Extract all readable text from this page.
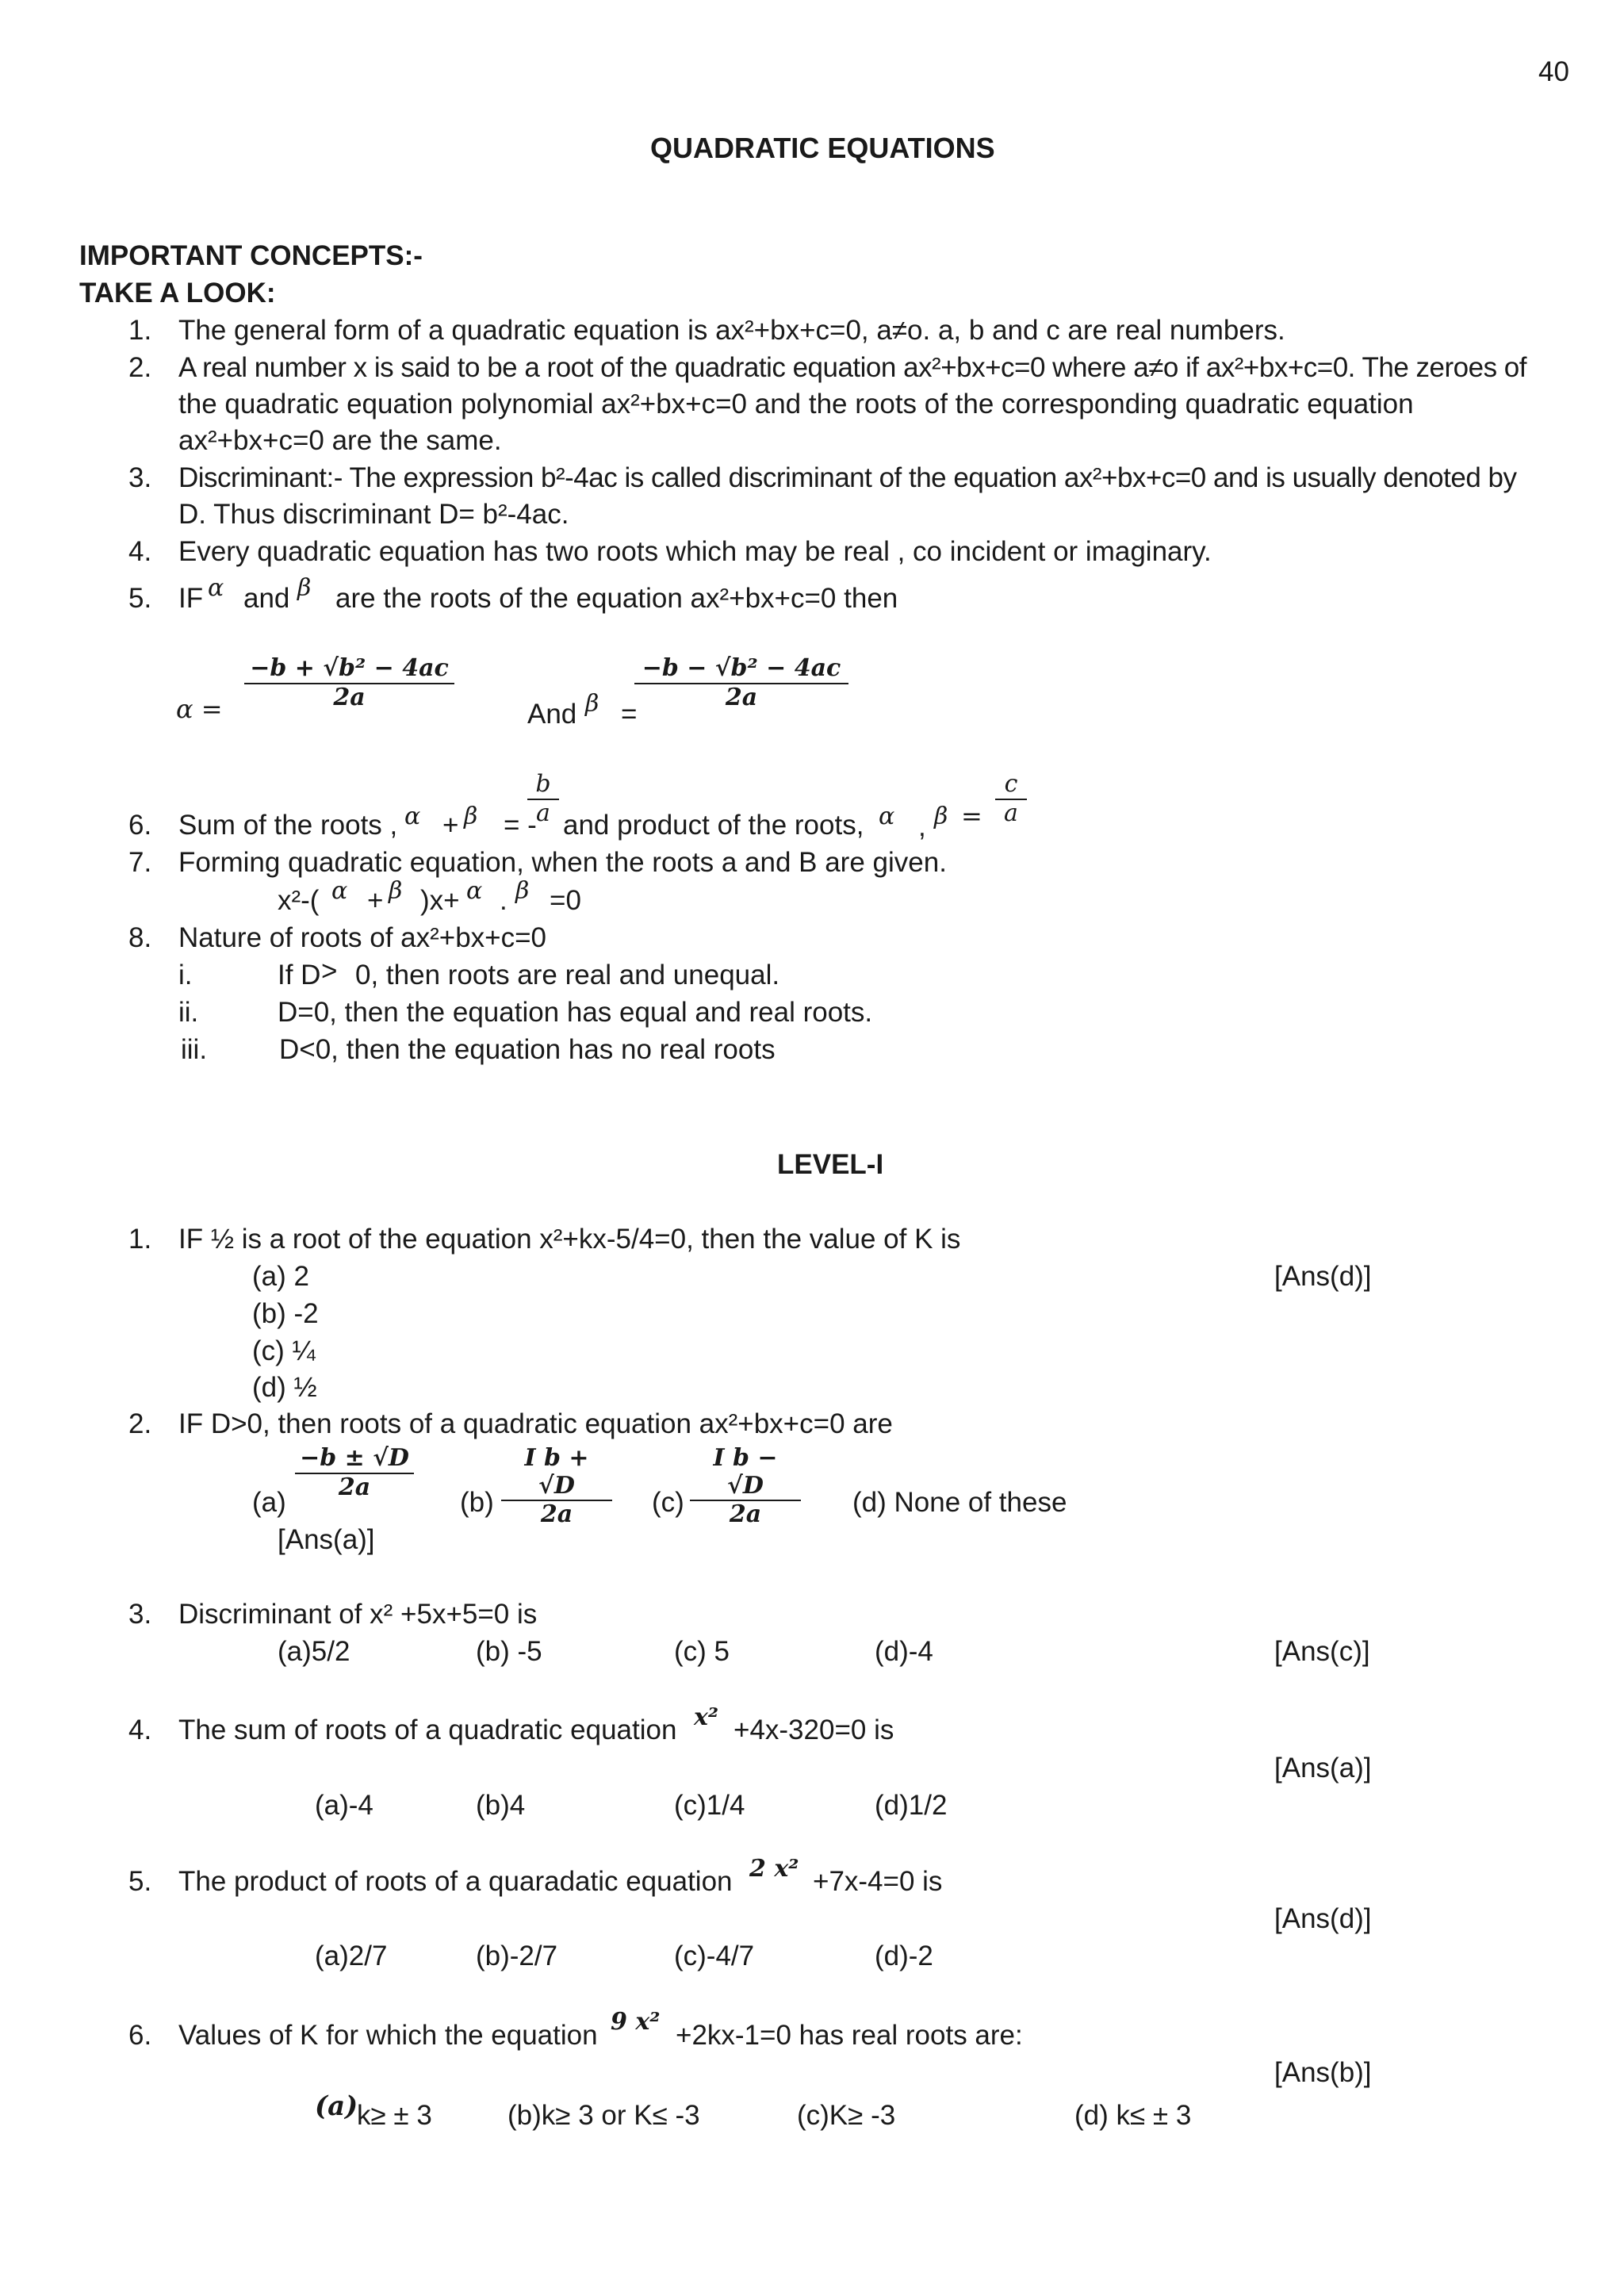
40
QUADRATIC EQUATIONS
IMPORTANT CONCEPTS:-
TAKE A LOOK:
1. The general form of a quadratic equation is ax²+bx+c=0, a≠o. a, b and c are real numbers.
2. A real number x is said to be a root of the quadratic equation ax²+bx+c=0 where a≠o if ax²+bx+c=0. The zeroes of
the quadratic equation polynomial ax²+bx+c=0 and the roots of the corresponding quadratic equation
ax²+bx+c=0 are the same.
3. Discriminant:- The expression b²-4ac is called discriminant of the equation ax²+bx+c=0 and is usually denoted by
D. Thus discriminant D= b²-4ac.
4. Every quadratic equation has two roots which may be real , co incident or imaginary.
5. IF α and β are the roots of the equation ax²+bx+c=0 then
$\alpha = \frac{\text{−b + √b² − 4ac}}{2a}$
And β =
$\frac{\text{−b − √b² − 4ac}}{2a}$
6. Sum of the roots , α + β = -
$\frac{b}{a}$ and product of the roots, α , $\beta = \frac{c}{a}$
7. Forming quadratic equation, when the roots a and B are given.
x²-( α + β )x+ α . β =0
8. Nature of roots of ax²+bx+c=0
i.	If D > 0, then roots are real and unequal.
ii.	D=0, then the equation has equal and real roots.
iii.	D<0, then the equation has no real roots
LEVEL-I
1. IF ½ is a root of the equation x²+kx-5/4=0, then the value of K is
(a) 2
(b) -2
(c) ¼
(d) ½
[Ans(d)]
2. IF D>0, then roots of a quadratic equation ax²+bx+c=0 are
(a)
$\frac{-b \pm √D}{2a}$
$(b) \frac{\text{I b + √D}}{2a} (c) \frac{\text{I b − √D}}{2a} (d)$ None of these
[Ans(a)]
3. Discriminant of x² +5x+5=0 is
(a)5/2	(b) -5	(c) 5	(d)-4	[Ans(c)]
4. The sum of roots of a quadratic equation x² +4x-320=0 is
[Ans(a)]
(a)-4	(b)4	(c)1/4	(d)1/2
5. The product of roots of a quaradatic equation 2 x² +7x-4=0 is
[Ans(d)]
(a)2/7	(b)-2/7	(c)-4/7	(d)-2
6. Values of K for which the equation 9 x² +2kx-1=0 has real roots are:
[Ans(b)]
(a)
k≥ ± 3	(b)k≥ 3 or K≤ -3	(c)K≥ -3	(d) k≤ ± 3
